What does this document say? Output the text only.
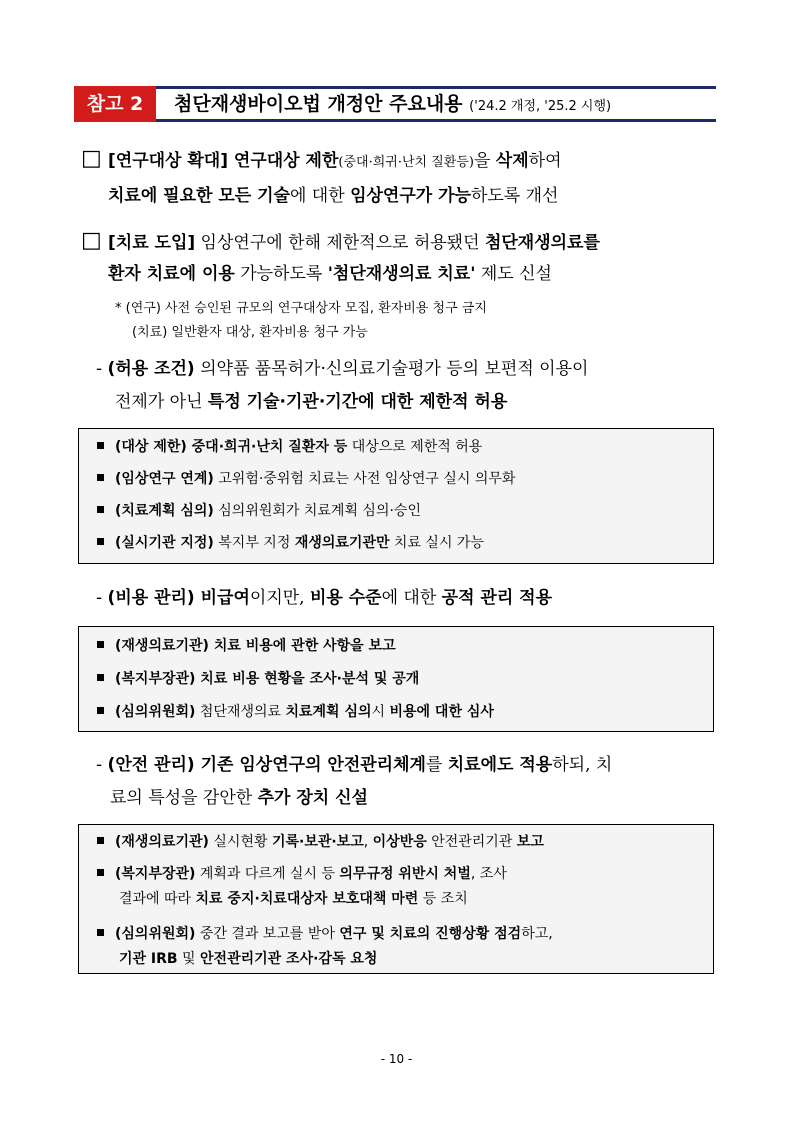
참고 2	첨단재생바이오법 개정안 주요내용 ('24.2 개정, '25.2 시행)
□ [연구대상 확대] 연구대상 제한(중대·희귀·난치 질환등)을 삭제하여
치료에 필요한 모든 기술에 대한 임상연구가 가능하도록 개선
□ [치료 도입] 임상연구에 한해 제한적으로 허용됐던 첨단재생의료를
환자 치료에 이용 가능하도록 '첨단재생의료 치료' 제도 신설
* (연구) 사전 승인된 규모의 연구대상자 모집, 환자비용 청구 금지
(치료) 일반환자 대상, 환자비용 청구 가능
- (허용 조건) 의약품 품목허가·신의료기술평가 등의 보편적 이용이
전제가 아닌 특정 기술·기관·기간에 대한 제한적 허용
(대상 제한) 중대·희귀·난치 질환자 등 대상으로 제한적 허용
(임상연구 연계) 고위험·중위험 치료는 사전 임상연구 실시 의무화
(치료계획 심의) 심의위원회가 치료계획 심의·승인
(실시기관 지정) 복지부 지정 재생의료기관만 치료 실시 가능
- (비용 관리) 비급여이지만, 비용 수준에 대한 공적 관리 적용
(재생의료기관) 치료 비용에 관한 사항을 보고
(복지부장관) 치료 비용 현황을 조사·분석 및 공개
(심의위원회) 첨단재생의료 치료계획 심의시 비용에 대한 심사
- (안전 관리) 기존 임상연구의 안전관리체계를 치료에도 적용하되, 치
료의 특성을 감안한 추가 장치 신설
(재생의료기관) 실시현황 기록·보관·보고, 이상반응 안전관리기관 보고
(복지부장관) 계획과 다르게 실시 등 의무규정 위반시 처벌, 조사
결과에 따라 치료 중지·치료대상자 보호대책 마련 등 조치
(심의위원회) 중간 결과 보고를 받아 연구 및 치료의 진행상황 점검하고,
기관 IRB 및 안전관리기관 조사·감독 요청
- 10 -
